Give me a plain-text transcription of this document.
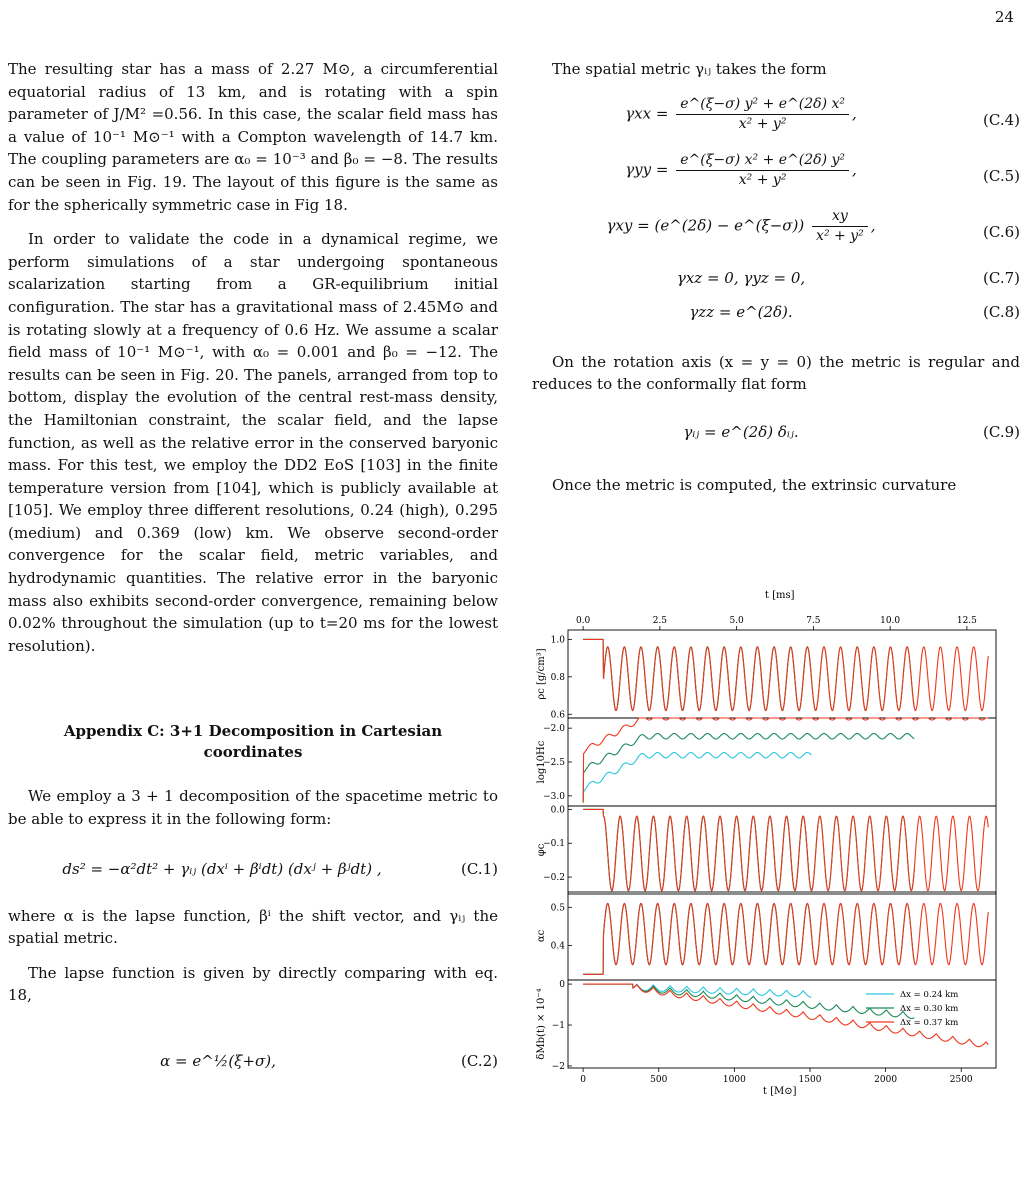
24

The resulting star has a mass of 2.27 M⊙, a circumferential equatorial radius of 13 km, and is rotating with a spin parameter of J/M² =0.56. In this case, the scalar field mass has a value of 10⁻¹ M⊙⁻¹ with a Compton wavelength of 14.7 km. The coupling parameters are α₀ = 10⁻³ and β₀ = −8. The results can be seen in Fig. 19. The layout of this figure is the same as for the spherically symmetric case in Fig 18.

In order to validate the code in a dynamical regime, we perform simulations of a star undergoing spontaneous scalarization starting from a GR-equilibrium initial configuration. The star has a gravitational mass of 2.45M⊙ and is rotating slowly at a frequency of 0.6 Hz. We assume a scalar field mass of 10⁻¹ M⊙⁻¹, with α₀ = 0.001 and β₀ = −12. The results can be seen in Fig. 20. The panels, arranged from top to bottom, display the evolution of the central rest-mass density, the Hamiltonian constraint, the scalar field, and the lapse function, as well as the relative error in the conserved baryonic mass. For this test, we employ the DD2 EoS [103] in the finite temperature version from [104], which is publicly available at [105]. We employ three different resolutions, 0.24 (high), 0.295 (medium) and 0.369 (low) km. We observe second-order convergence for the scalar field, metric variables, and hydrodynamic quantities. The relative error in the baryonic mass also exhibits second-order convergence, remaining below 0.02% throughout the simulation (up to t=20 ms for the lowest resolution).

Appendix C: 3+1 Decomposition in Cartesian coordinates

We employ a 3 + 1 decomposition of the spacetime metric to be able to express it in the following form:

ds² = −α²dt² + γᵢⱼ (dxⁱ + βⁱdt) (dxʲ + βʲdt) ,	(C.1)

where α is the lapse function, βⁱ the shift vector, and γᵢⱼ the spatial metric.

The lapse function is given by directly comparing with eq. 18,

α = e^½(ξ+σ),	(C.2)

The spatial metric γᵢⱼ takes the form

$\gamma xx = \frac{\text{e\textasciicircum{}(ξ−σ) y² + e\textasciicircum{}(2δ) x²}}{\text{x² + y²}}$ ,	(C.4)
$\gamma yy = \frac{\text{e\textasciicircum{}(ξ−σ) x² + e\textasciicircum{}(2δ) y²}}{\text{x² + y²}}$ ,	(C.5)
γxy = (e^(2δ) − e^(ξ−σ)) $\frac{xy}{\text{x² + y²}}$ ,	(C.6)
γxz = 0, γyz = 0,	(C.7)
γzz = e^(2δ).	(C.8)

On the rotation axis (x = y = 0) the metric is regular and reduces to the conformally flat form

γᵢⱼ = e^(2δ) δᵢⱼ.	(C.9)

Once the metric is computed, the extrinsic curvature

t [ms]
0.0	2.5	5.0	7.5	10.0	12.5
0.6
0.8
1.0
ρc [g/cm³]
−3.0
−2.5
−2.0
log10Hc
−0.2
−0.1
0.0
φc
0.4
0.5
αc
−2
−1
0
δMb(t) × 10⁻⁴
0	500	1000	1500	2000	2500
t [M⊙]
Δx = 0.24 km
Δx = 0.30 km
Δx = 0.37 km
